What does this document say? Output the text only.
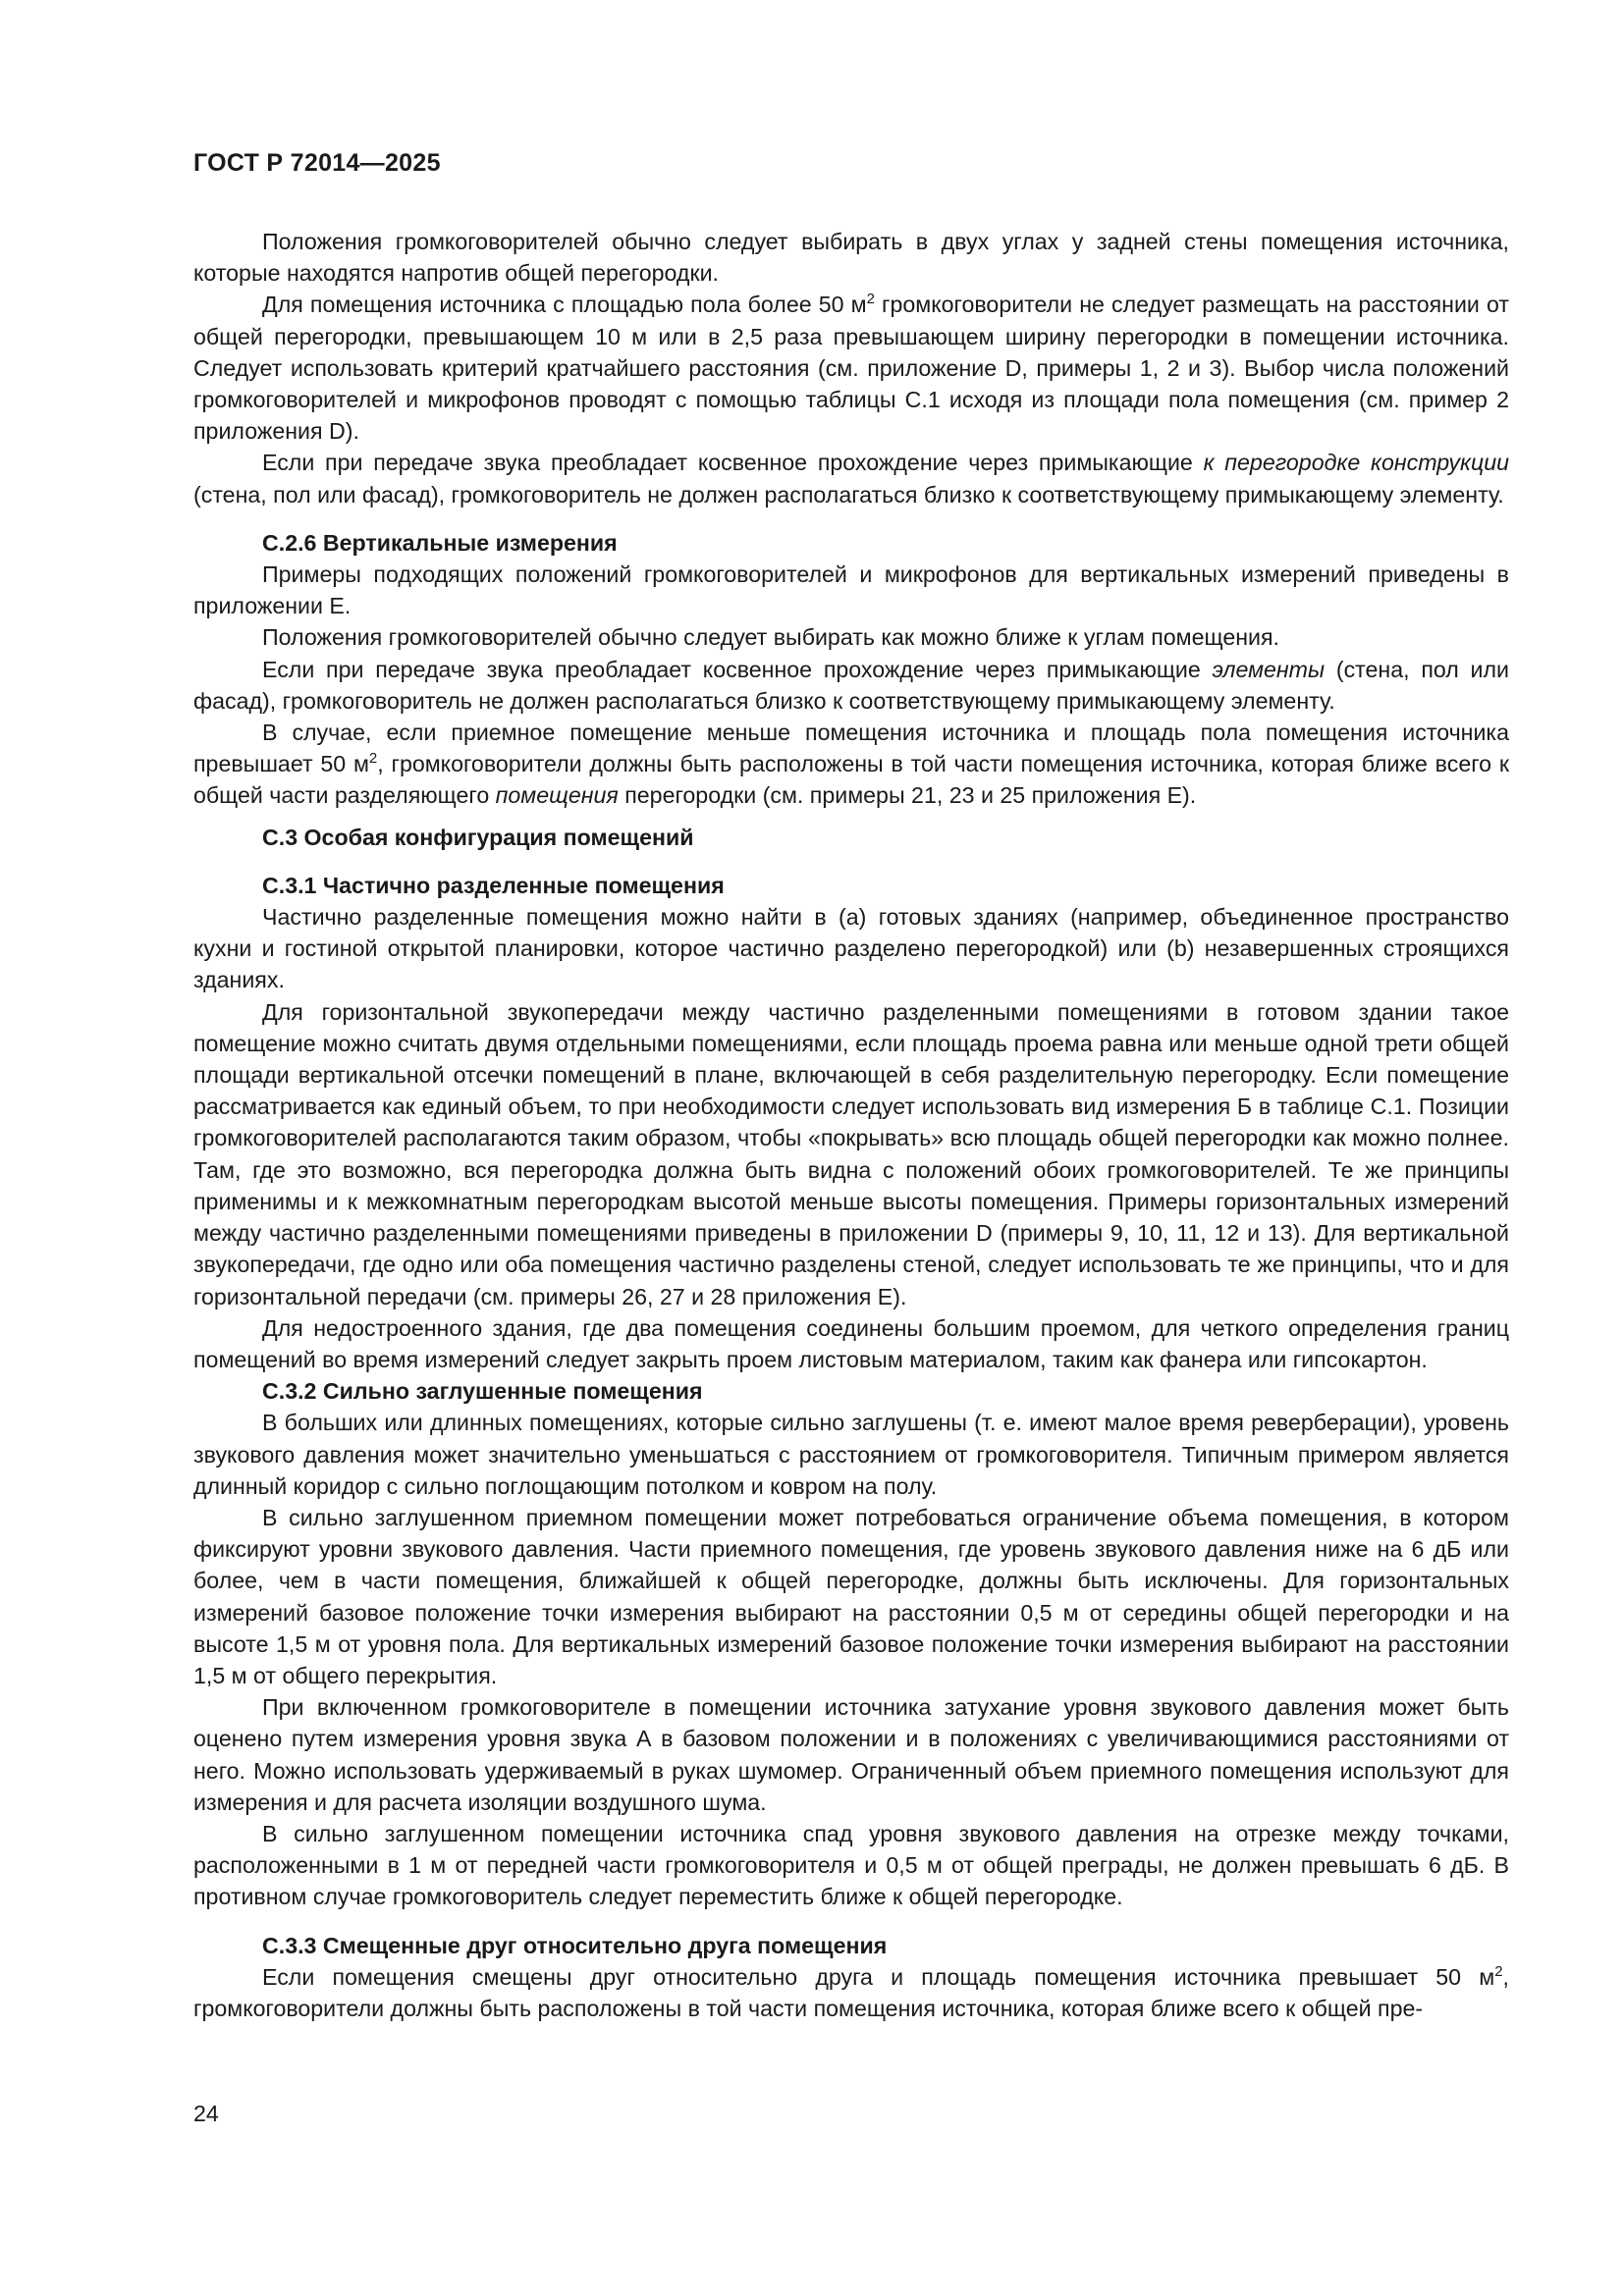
ГОСТ Р 72014—2025

Положения громкоговорителей обычно следует выбирать в двух углах у задней стены помещения источника, которые находятся напротив общей перегородки.

Для помещения источника с площадью пола более 50 $м^2$ громкоговорители не следует размещать на расстоянии от общей перегородки, превышающем 10 м или в 2,5 раза превышающем ширину перегородки в помещении источника. Следует использовать критерий кратчайшего расстояния (см. приложение D, примеры 1, 2 и 3). Выбор числа положений громкоговорителей и микрофонов проводят с помощью таблицы С.1 исходя из площади пола помещения (см. пример 2 приложения D).

Если при передаче звука преобладает косвенное прохождение через примыкающие к перегородке конструкции (стена, пол или фасад), громкоговоритель не должен располагаться близко к соответствующему примыкающему элементу.

С.2.6 Вертикальные измерения

Примеры подходящих положений громкоговорителей и микрофонов для вертикальных измерений приведены в приложении Е.

Положения громкоговорителей обычно следует выбирать как можно ближе к углам помещения.

Если при передаче звука преобладает косвенное прохождение через примыкающие элементы (стена, пол или фасад), громкоговоритель не должен располагаться близко к соответствующему примыкающему элементу.

В случае, если приемное помещение меньше помещения источника и площадь пола помещения источника превышает 50 $м^2$, громкоговорители должны быть расположены в той части помещения источника, которая ближе всего к общей части разделяющего помещения перегородки (см. примеры 21, 23 и 25 приложения Е).

С.3 Особая конфигурация помещений

С.3.1 Частично разделенные помещения

Частично разделенные помещения можно найти в (а) готовых зданиях (например, объединенное пространство кухни и гостиной открытой планировки, которое частично разделено перегородкой) или (b) незавершенных строящихся зданиях.

Для горизонтальной звукопередачи между частично разделенными помещениями в готовом здании такое помещение можно считать двумя отдельными помещениями, если площадь проема равна или меньше одной трети общей площади вертикальной отсечки помещений в плане, включающей в себя разделительную перегородку. Если помещение рассматривается как единый объем, то при необходимости следует использовать вид измерения Б в таблице С.1. Позиции громкоговорителей располагаются таким образом, чтобы «покрывать» всю площадь общей перегородки как можно полнее. Там, где это возможно, вся перегородка должна быть видна с положений обоих громкоговорителей. Те же принципы применимы и к межкомнатным перегородкам высотой меньше высоты помещения. Примеры горизонтальных измерений между частично разделенными помещениями приведены в приложении D (примеры 9, 10, 11, 12 и 13). Для вертикальной звукопередачи, где одно или оба помещения частично разделены стеной, следует использовать те же принципы, что и для горизонтальной передачи (см. примеры 26, 27 и 28 приложения Е).

Для недостроенного здания, где два помещения соединены большим проемом, для четкого определения границ помещений во время измерений следует закрыть проем листовым материалом, таким как фанера или гипсокартон.

С.3.2 Сильно заглушенные помещения

В больших или длинных помещениях, которые сильно заглушены (т. е. имеют малое время реверберации), уровень звукового давления может значительно уменьшаться с расстоянием от громкоговорителя. Типичным примером является длинный коридор с сильно поглощающим потолком и ковром на полу.

В сильно заглушенном приемном помещении может потребоваться ограничение объема помещения, в котором фиксируют уровни звукового давления. Части приемного помещения, где уровень звукового давления ниже на 6 дБ или более, чем в части помещения, ближайшей к общей перегородке, должны быть исключены. Для горизонтальных измерений базовое положение точки измерения выбирают на расстоянии 0,5 м от середины общей перегородки и на высоте 1,5 м от уровня пола. Для вертикальных измерений базовое положение точки измерения выбирают на расстоянии 1,5 м от общего перекрытия.

При включенном громкоговорителе в помещении источника затухание уровня звукового давления может быть оценено путем измерения уровня звука А в базовом положении и в положениях с увеличивающимися расстояниями от него. Можно использовать удерживаемый в руках шумомер. Ограниченный объем приемного помещения используют для измерения и для расчета изоляции воздушного шума.

В сильно заглушенном помещении источника спад уровня звукового давления на отрезке между точками, расположенными в 1 м от передней части громкоговорителя и 0,5 м от общей преграды, не должен превышать 6 дБ. В противном случае громкоговоритель следует переместить ближе к общей перегородке.

С.3.3 Смещенные друг относительно друга помещения

Если помещения смещены друг относительно друга и площадь помещения источника превышает 50 $м^2$, громкоговорители должны быть расположены в той части помещения источника, которая ближе всего к общей пре-

24
